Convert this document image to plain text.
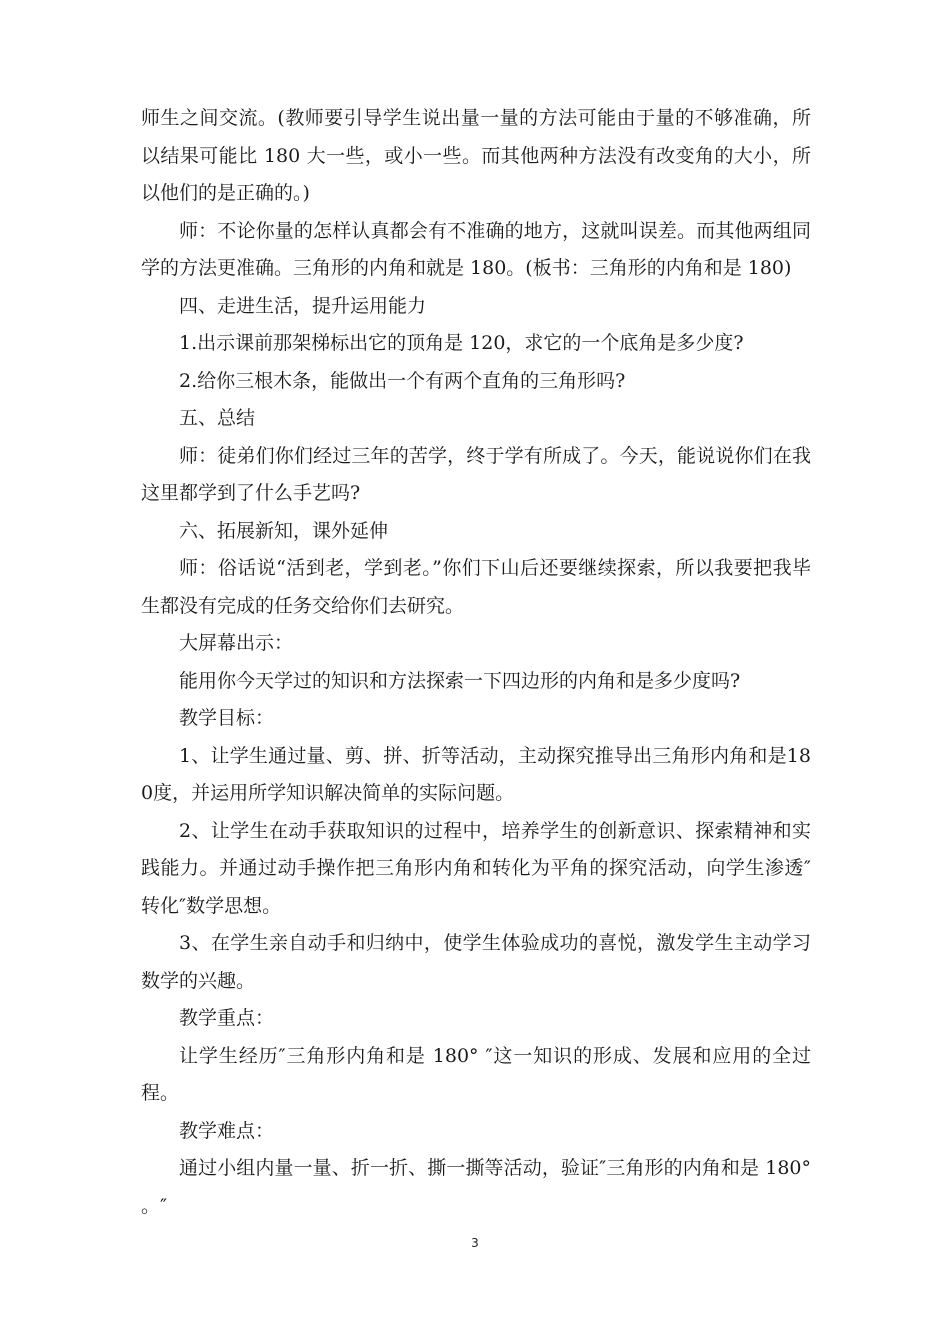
师生之间交流。(教师要引导学生说出量一量的方法可能由于量的不够准确，所以结果可能比 180 大一些，或小一些。而其他两种方法没有改变角的大小，所以他们的是正确的。)

师：不论你量的怎样认真都会有不准确的地方，这就叫误差。而其他两组同学的方法更准确。三角形的内角和就是 180。(板书：三角形的内角和是 180)

四、走进生活，提升运用能力

1.出示课前那架梯标出它的顶角是 120，求它的一个底角是多少度?

2.给你三根木条，能做出一个有两个直角的三角形吗?

五、总结

师：徒弟们你们经过三年的苦学，终于学有所成了。今天，能说说你们在我这里都学到了什么手艺吗?

六、拓展新知，课外延伸

师：俗话说“活到老，学到老。”你们下山后还要继续探索，所以我要把我毕生都没有完成的任务交给你们去研究。

大屏幕出示：

能用你今天学过的知识和方法探索一下四边形的内角和是多少度吗?

教学目标：

1、让学生通过量、剪、拼、折等活动，主动探究推导出三角形内角和是180度，并运用所学知识解决简单的实际问题。

2、让学生在动手获取知识的过程中，培养学生的创新意识、探索精神和实践能力。并通过动手操作把三角形内角和转化为平角的探究活动，向学生渗透″转化″数学思想。

3、在学生亲自动手和归纳中，使学生体验成功的喜悦，激发学生主动学习数学的兴趣。

教学重点：

让学生经历″三角形内角和是 180° ″这一知识的形成、发展和应用的全过程。

教学难点：

通过小组内量一量、折一折、撕一撕等活动，验证″三角形的内角和是 180° 。″

3
